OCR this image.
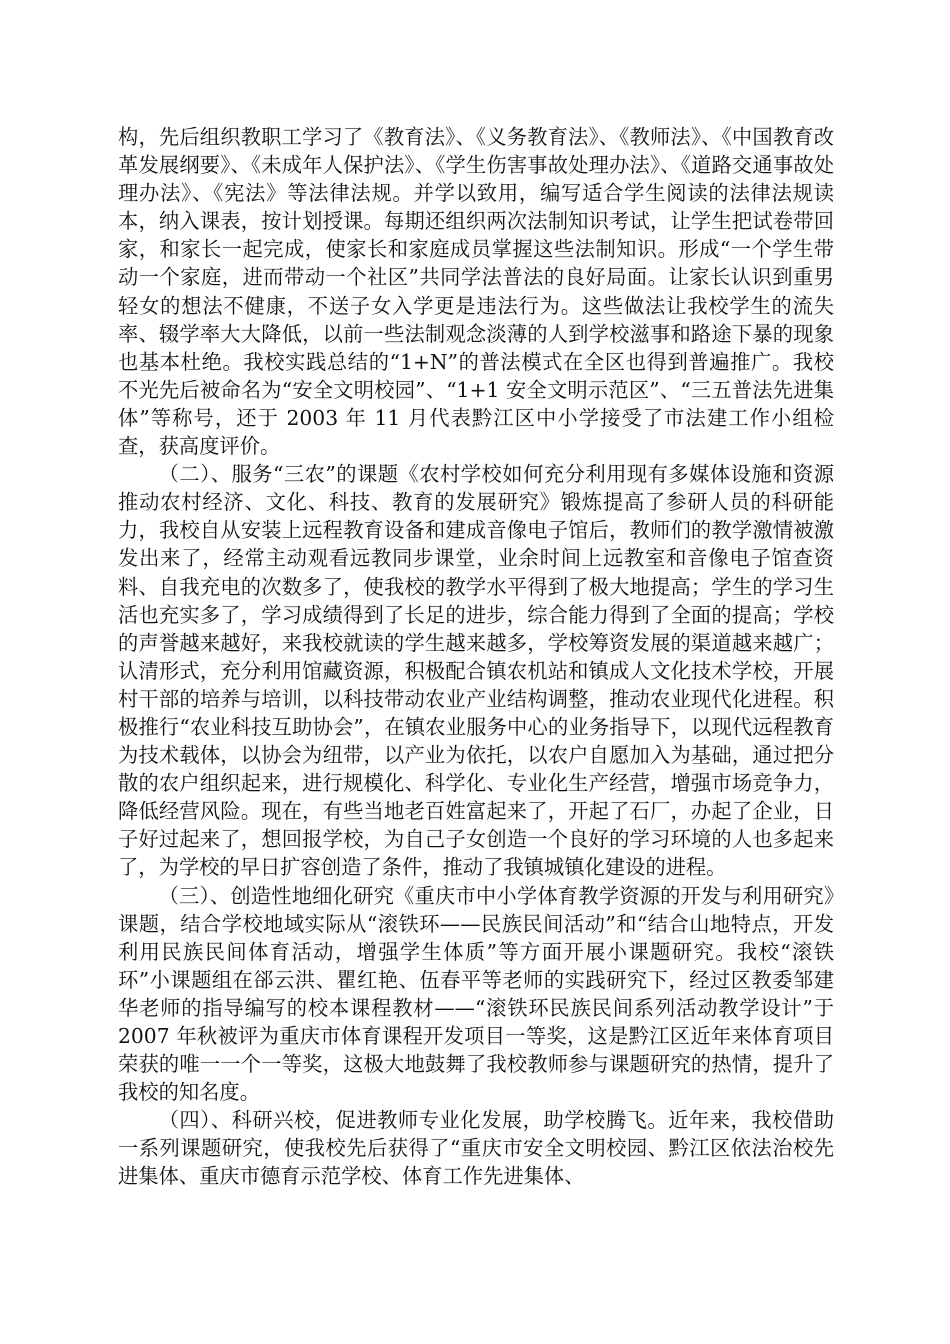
构，先后组织教职工学习了《教育法》、《义务教育法》、《教师法》、《中国教育改革发展纲要》、《未成年人保护法》、《学生伤害事故处理办法》、《道路交通事故处理办法》、《宪法》等法律法规。并学以致用，编写适合学生阅读的法律法规读本，纳入课表，按计划授课。每期还组织两次法制知识考试，让学生把试卷带回家，和家长一起完成，使家长和家庭成员掌握这些法制知识。形成“一个学生带动一个家庭，进而带动一个社区”共同学法普法的良好局面。让家长认识到重男轻女的想法不健康，不送子女入学更是违法行为。这些做法让我校学生的流失率、辍学率大大降低，以前一些法制观念淡薄的人到学校滋事和路途下暴的现象也基本杜绝。我校实践总结的“1+N”的普法模式在全区也得到普遍推广。我校不光先后被命名为“安全文明校园”、“1+1 安全文明示范区”、“三五普法先进集体”等称号，还于 2003 年 11 月代表黔江区中小学接受了市法建工作小组检查，获高度评价。

（二）、服务“三农”的课题《农村学校如何充分利用现有多媒体设施和资源推动农村经济、文化、科技、教育的发展研究》锻炼提高了参研人员的科研能力，我校自从安装上远程教育设备和建成音像电子馆后，教师们的教学激情被激发出来了，经常主动观看远教同步课堂，业余时间上远教室和音像电子馆查资料、自我充电的次数多了，使我校的教学水平得到了极大地提高；学生的学习生活也充实多了，学习成绩得到了长足的进步，综合能力得到了全面的提高；学校的声誉越来越好，来我校就读的学生越来越多，学校筹资发展的渠道越来越广；认清形式，充分利用馆藏资源，积极配合镇农机站和镇成人文化技术学校，开展村干部的培养与培训，以科技带动农业产业结构调整，推动农业现代化进程。积极推行“农业科技互助协会”，在镇农业服务中心的业务指导下，以现代远程教育为技术载体，以协会为纽带，以产业为依托，以农户自愿加入为基础，通过把分散的农户组织起来，进行规模化、科学化、专业化生产经营，增强市场竞争力，降低经营风险。现在，有些当地老百姓富起来了，开起了石厂，办起了企业，日子好过起来了，想回报学校，为自己子女创造一个良好的学习环境的人也多起来了，为学校的早日扩容创造了条件，推动了我镇城镇化建设的进程。

（三）、创造性地细化研究《重庆市中小学体育教学资源的开发与利用研究》课题，结合学校地域实际从“滚铁环——民族民间活动”和“结合山地特点，开发利用民族民间体育活动，增强学生体质”等方面开展小课题研究。我校“滚铁环”小课题组在郤云洪、瞿红艳、伍春平等老师的实践研究下，经过区教委邹建华老师的指导编写的校本课程教材——“滚铁环民族民间系列活动教学设计”于 2007 年秋被评为重庆市体育课程开发项目一等奖，这是黔江区近年来体育项目荣获的唯一一个一等奖，这极大地鼓舞了我校教师参与课题研究的热情，提升了我校的知名度。

（四）、科研兴校，促进教师专业化发展，助学校腾飞。近年来，我校借助一系列课题研究，使我校先后获得了“重庆市安全文明校园、黔江区依法治校先进集体、重庆市德育示范学校、体育工作先进集体、
